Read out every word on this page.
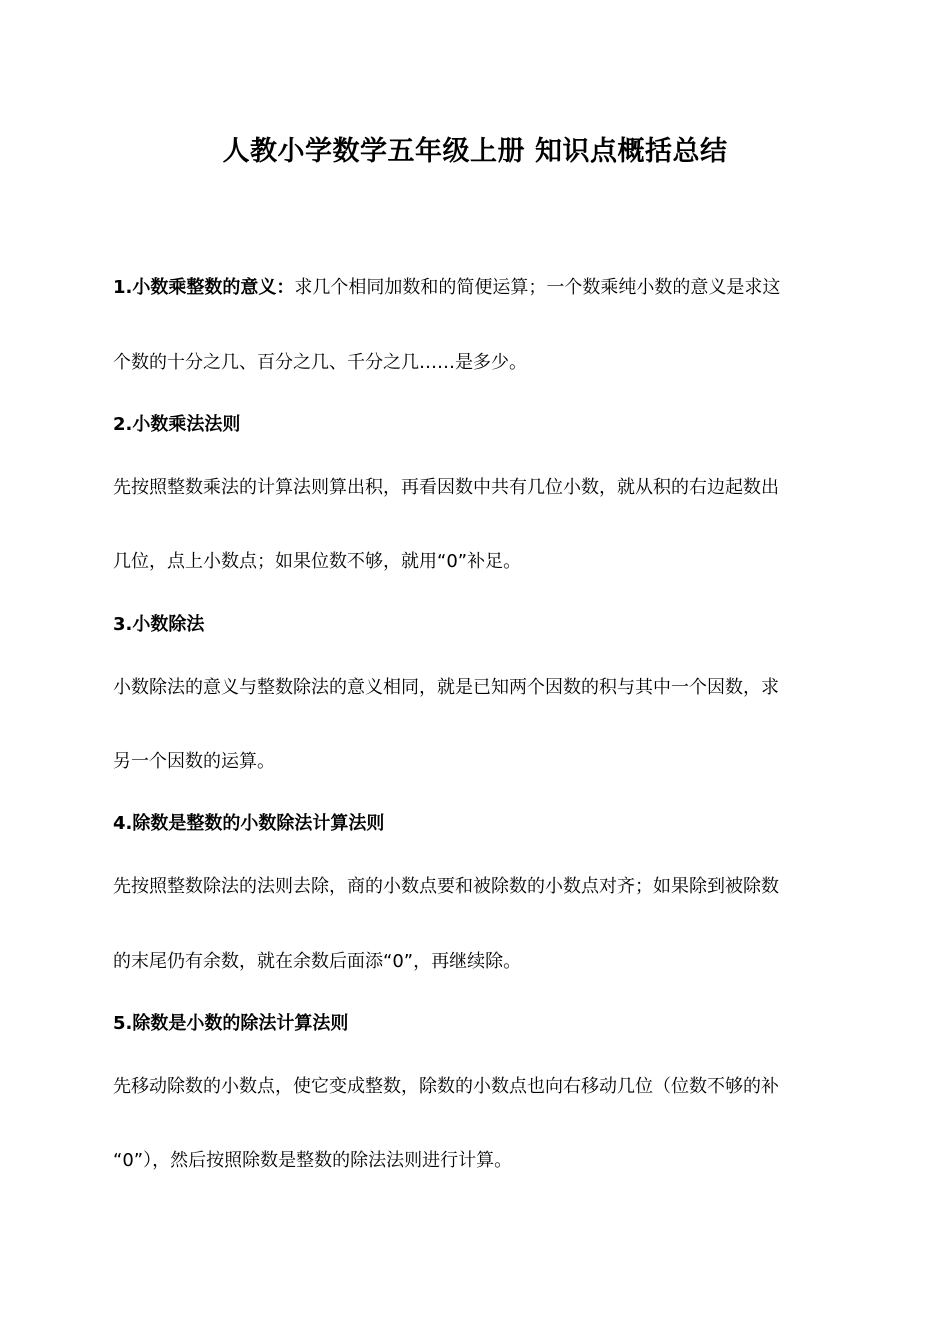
人教小学数学五年级上册 知识点概括总结
1.小数乘整数的意义：求几个相同加数和的简便运算；一个数乘纯小数的意义是求这
个数的十分之几、百分之几、千分之几……是多少。
2.小数乘法法则
先按照整数乘法的计算法则算出积，再看因数中共有几位小数，就从积的右边起数出
几位，点上小数点；如果位数不够，就用“0”补足。
3.小数除法
小数除法的意义与整数除法的意义相同，就是已知两个因数的积与其中一个因数，求
另一个因数的运算。
4.除数是整数的小数除法计算法则
先按照整数除法的法则去除，商的小数点要和被除数的小数点对齐；如果除到被除数
的末尾仍有余数，就在余数后面添“0”，再继续除。
5.除数是小数的除法计算法则
先移动除数的小数点，使它变成整数，除数的小数点也向右移动几位（位数不够的补
“0”），然后按照除数是整数的除法法则进行计算。
